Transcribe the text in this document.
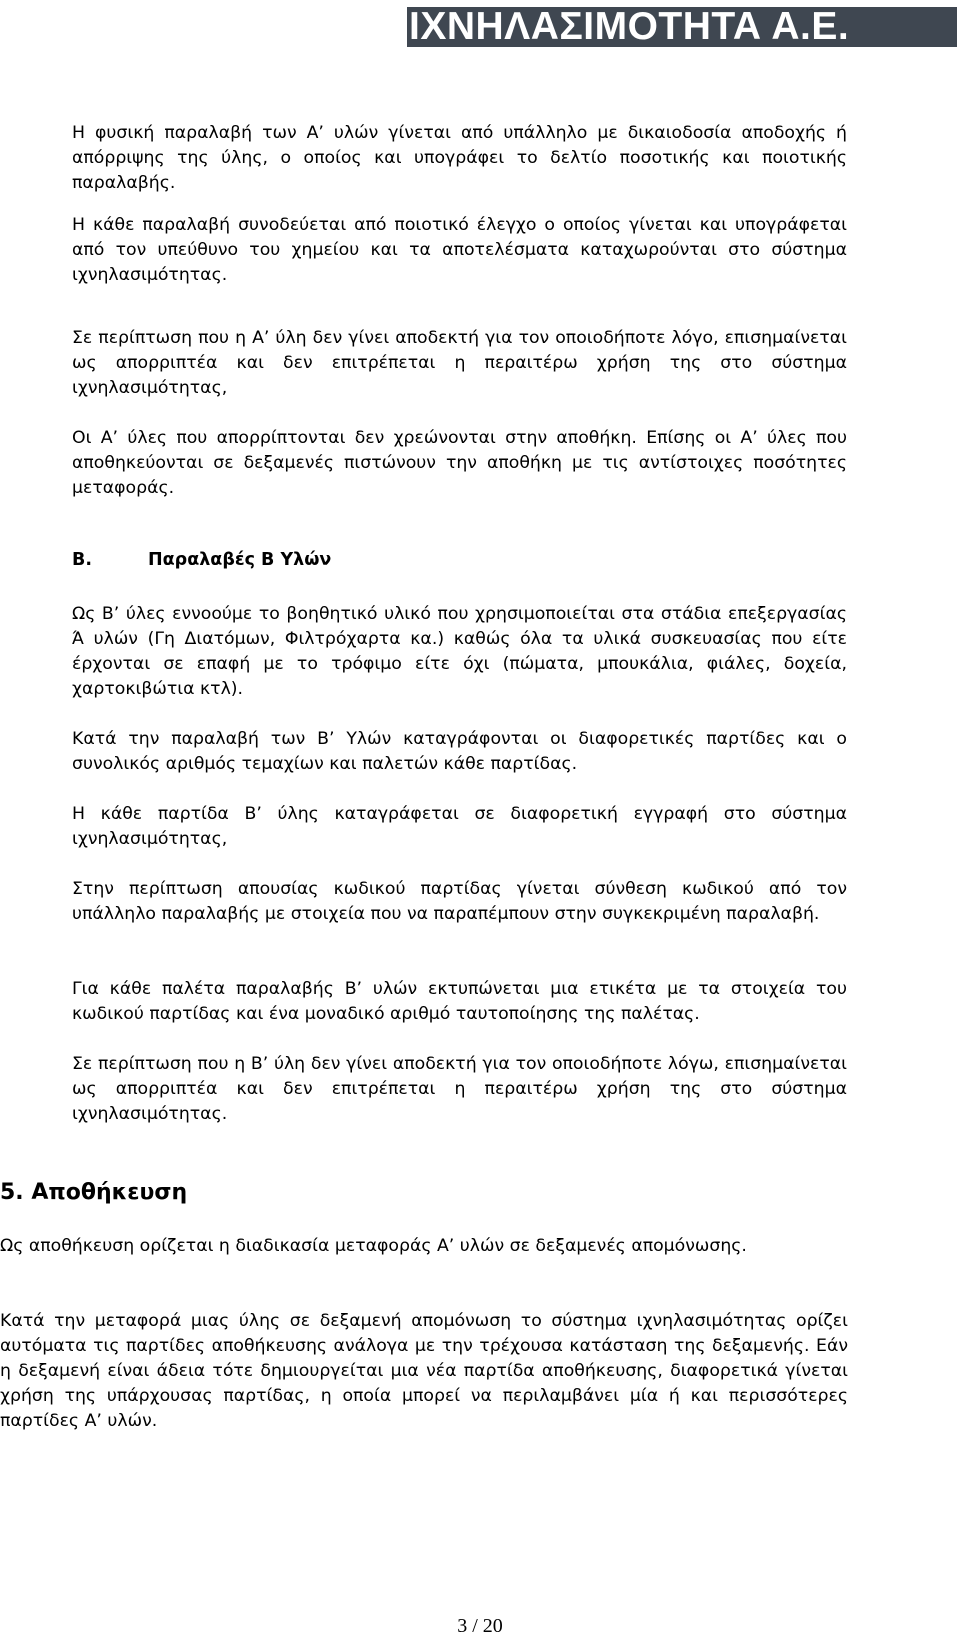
ΙΧΝΗΛΑΣΙΜΟΤΗΤΑ Α.Ε.

Η φυσική παραλαβή των Α’ υλών γίνεται από υπάλληλο με δικαιοδοσία αποδοχής ή απόρριψης της ύλης, ο οποίος και υπογράφει το δελτίο ποσοτικής και ποιοτικής παραλαβής.

Η κάθε παραλαβή συνοδεύεται από ποιοτικό έλεγχο ο οποίος γίνεται και υπογράφεται από τον υπεύθυνο του χημείου και τα αποτελέσματα καταχωρούνται στο σύστημα ιχνηλασιμότητας.

Σε περίπτωση που η Α’ ύλη δεν γίνει αποδεκτή για τον οποιοδήποτε λόγο, επισημαίνεται ως απορριπτέα και δεν επιτρέπεται η περαιτέρω χρήση της στο σύστημα ιχνηλασιμότητας,

Οι Α’ ύλες που απορρίπτονται δεν χρεώνονται στην αποθήκη. Επίσης οι Α’ ύλες που αποθηκεύονται σε δεξαμενές πιστώνουν την αποθήκη με τις αντίστοιχες ποσότητες μεταφοράς.

Β.	Παραλαβές Β Υλών

Ως Β’ ύλες εννοούμε το βοηθητικό υλικό που χρησιμοποιείται στα στάδια επεξεργασίας Ά υλών (Γη Διατόμων, Φιλτρόχαρτα κα.) καθώς όλα τα υλικά συσκευασίας που είτε έρχονται σε επαφή με το τρόφιμο είτε όχι (πώματα, μπουκάλια, φιάλες, δοχεία, χαρτοκιβώτια κτλ).

Κατά την παραλαβή των Β’ Υλών καταγράφονται οι διαφορετικές παρτίδες και ο συνολικός αριθμός τεμαχίων και παλετών κάθε παρτίδας.

Η κάθε παρτίδα Β’ ύλης καταγράφεται σε διαφορετική εγγραφή στο σύστημα ιχνηλασιμότητας,

Στην περίπτωση απουσίας κωδικού παρτίδας γίνεται σύνθεση κωδικού από τον υπάλληλο παραλαβής με στοιχεία που να παραπέμπουν στην συγκεκριμένη παραλαβή.

Για κάθε παλέτα παραλαβής Β’ υλών εκτυπώνεται μια ετικέτα με τα στοιχεία του κωδικού παρτίδας και ένα μοναδικό αριθμό ταυτοποίησης της παλέτας.

Σε περίπτωση που η Β’ ύλη δεν γίνει αποδεκτή για τον οποιοδήποτε λόγω, επισημαίνεται ως απορριπτέα και δεν επιτρέπεται η περαιτέρω χρήση της στο σύστημα ιχνηλασιμότητας.

5. Αποθήκευση

Ως αποθήκευση ορίζεται η διαδικασία μεταφοράς Α’ υλών σε δεξαμενές απομόνωσης.

Κατά την μεταφορά μιας ύλης σε δεξαμενή απομόνωση το σύστημα ιχνηλασιμότητας ορίζει αυτόματα τις παρτίδες αποθήκευσης ανάλογα με την τρέχουσα κατάσταση της δεξαμενής. Εάν η δεξαμενή είναι άδεια τότε δημιουργείται μια νέα παρτίδα αποθήκευσης, διαφορετικά γίνεται χρήση της υπάρχουσας παρτίδας, η οποία μπορεί να περιλαμβάνει μία ή και περισσότερες παρτίδες Α’ υλών.

3 / 20
